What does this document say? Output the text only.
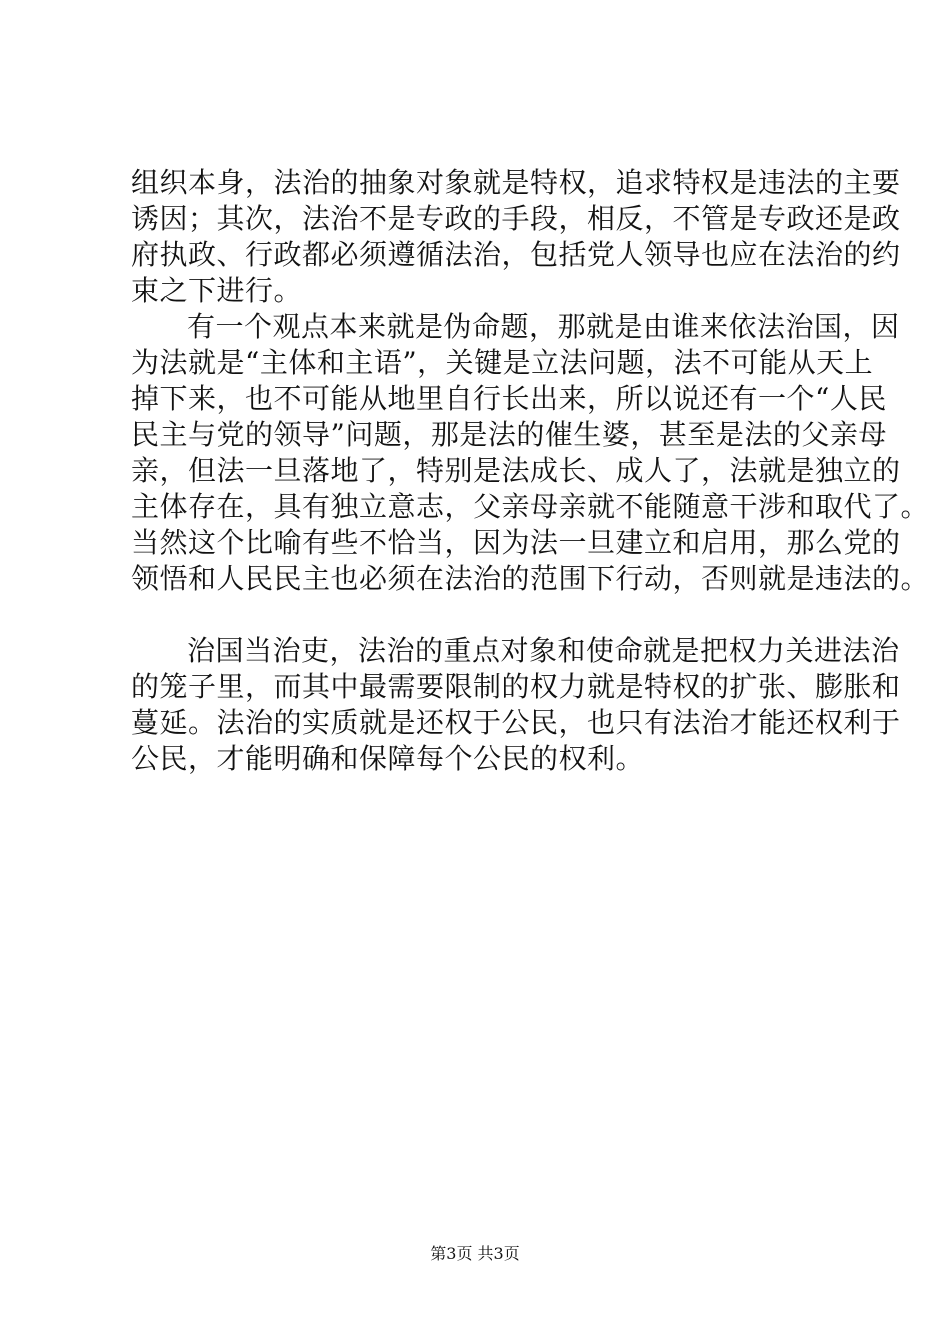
组织本身，法治的抽象对象就是特权，追求特权是违法的主要
诱因；其次，法治不是专政的手段，相反，不管是专政还是政
府执政、行政都必须遵循法治，包括党人领导也应在法治的约
束之下进行。
有一个观点本来就是伪命题，那就是由谁来依法治国，因
为法就是“主体和主语”，关键是立法问题，法不可能从天上
掉下来，也不可能从地里自行长出来，所以说还有一个“人民
民主与党的领导”问题，那是法的催生婆，甚至是法的父亲母
亲，但法一旦落地了，特别是法成长、成人了，法就是独立的
主体存在，具有独立意志，父亲母亲就不能随意干涉和取代了。
当然这个比喻有些不恰当，因为法一旦建立和启用，那么党的
领悟和人民民主也必须在法治的范围下行动，否则就是违法的。
治国当治吏，法治的重点对象和使命就是把权力关进法治
的笼子里，而其中最需要限制的权力就是特权的扩张、膨胀和
蔓延。法治的实质就是还权于公民，也只有法治才能还权利于
公民，才能明确和保障每个公民的权利。
第3页 共3页
